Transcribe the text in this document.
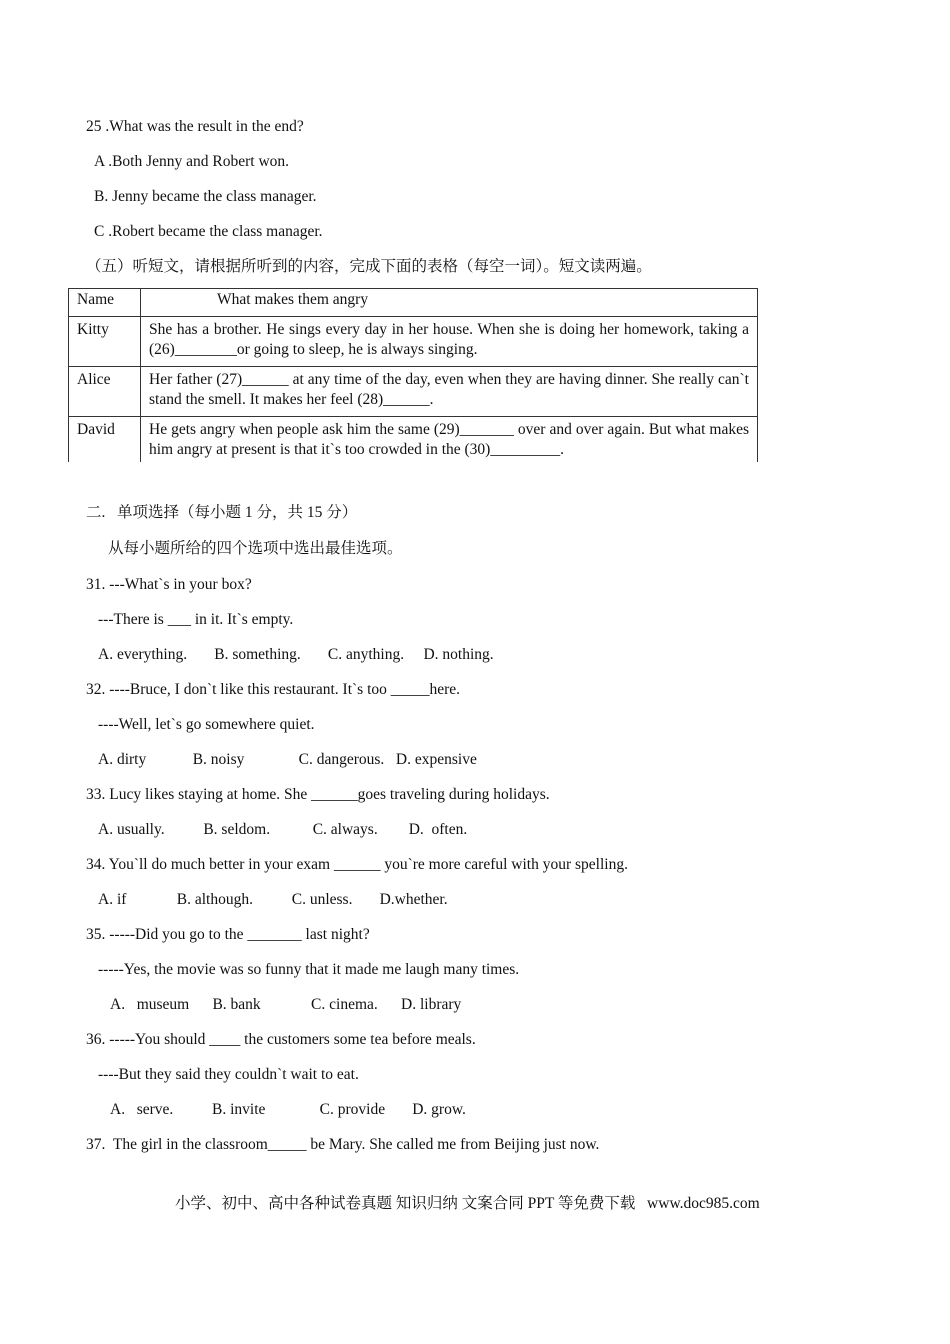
25 .What was the result in the end?
A .Both Jenny and Robert won.
B. Jenny became the class manager.
C .Robert became the class manager.
（五）听短文，请根据所听到的内容，完成下面的表格（每空一词）。短文读两遍。
Name	What makes them angry
Kitty	She has a brother. He sings every day in her house. When she is doing her homework, taking a (26)________or going to sleep, he is always singing.
Alice	Her father (27)______ at any time of the day, even when they are having dinner. She really can`t stand the smell. It makes her feel (28)______.
David	He gets angry when people ask him the same (29)_______ over and over again. But what makes him angry at present is that it`s too crowded in the (30)_________.
二.   单项选择（每小题 1 分，共 15 分）
从每小题所给的四个选项中选出最佳选项。
31. ---What`s in your box?
---There is ___ in it. It`s empty.
A. everything.       B. something.       C. anything.     D. nothing.
32. ----Bruce, I don`t like this restaurant. It`s too _____here.
----Well, let`s go somewhere quiet.
A. dirty            B. noisy              C. dangerous.   D. expensive
33. Lucy likes staying at home. She ______goes traveling during holidays.
A. usually.          B. seldom.           C. always.        D.  often.
34. You`ll do much better in your exam ______ you`re more careful with your spelling.
A. if             B. although.          C. unless.       D.whether.
35. -----Did you go to the _______ last night?
-----Yes, the movie was so funny that it made me laugh many times.
A.   museum      B. bank             C. cinema.      D. library
36. -----You should ____ the customers some tea before meals.
----But they said they couldn`t wait to eat.
A.   serve.          B. invite              C. provide       D. grow.
37.  The girl in the classroom_____ be Mary. She called me from Beijing just now.
小学、初中、高中各种试卷真题 知识归纳 文案合同 PPT 等免费下载   www.doc985.com
